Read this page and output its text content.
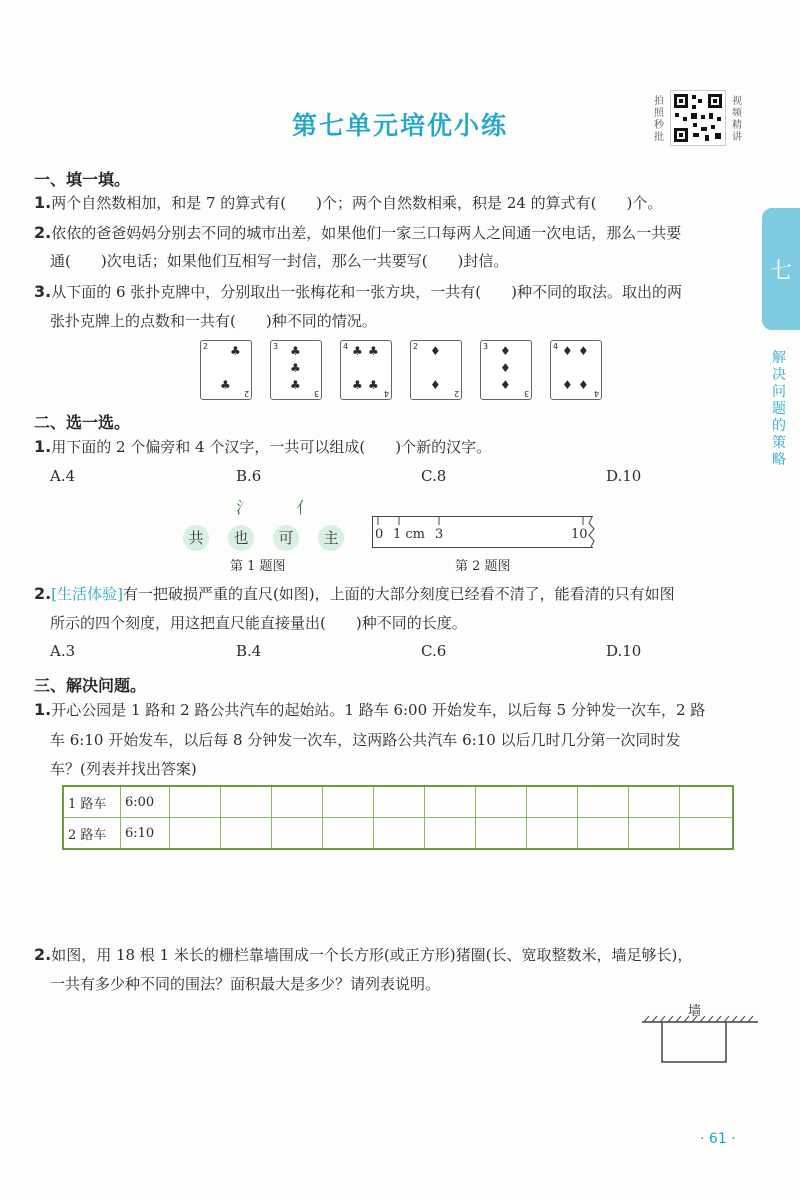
第七单元培优小练
拍照秒批
视频精讲
七
解决问题的策略
一、填一填。
1.两个自然数相加，和是 7 的算式有(　　)个；两个自然数相乘，积是 24 的算式有(　　)个。
2.依依的爸爸妈妈分别去不同的城市出差，如果他们一家三口每两人之间通一次电话，那么一共要
通(　　)次电话；如果他们互相写一封信，那么一共要写(　　)封信。
3.从下面的 6 张扑克牌中，分别取出一张梅花和一张方块，一共有(　　)种不同的取法。取出的两
张扑克牌上的点数和一共有(　　)种不同的情况。
2 ♣
♣
2
3 ♣
♣
♣
3
4 ♣ ♣
♣ ♣
4
2 ♦
♦
2
3 ♦
♦
♦
3
4 ♦ ♦
♦ ♦
4
二、选一选。
1.用下面的 2 个偏旁和 4 个汉字，一共可以组成(　　)个新的汉字。
A.4	B.6	C.8	D.10
氵	亻
共	也	可	主
第 1 题图
0 1 cm 3	10
第 2 题图
2.[生活体验]有一把破损严重的直尺(如图)，上面的大部分刻度已经看不清了，能看清的只有如图
所示的四个刻度，用这把直尺能直接量出(　　)种不同的长度。
A.3	B.4	C.6	D.10
三、解决问题。
1.开心公园是 1 路和 2 路公共汽车的起始站。1 路车 6:00 开始发车，以后每 5 分钟发一次车，2 路
车 6:10 开始发车，以后每 8 分钟发一次车，这两路公共汽车 6:10 以后几时几分第一次同时发
车？(列表并找出答案)
1 路车	6:00											
2 路车	6:10											
2.如图，用 18 根 1 米长的栅栏靠墙围成一个长方形(或正方形)猪圈(长、宽取整数米，墙足够长)，
一共有多少种不同的围法？面积最大是多少？请列表说明。
墙
· 61 ·
